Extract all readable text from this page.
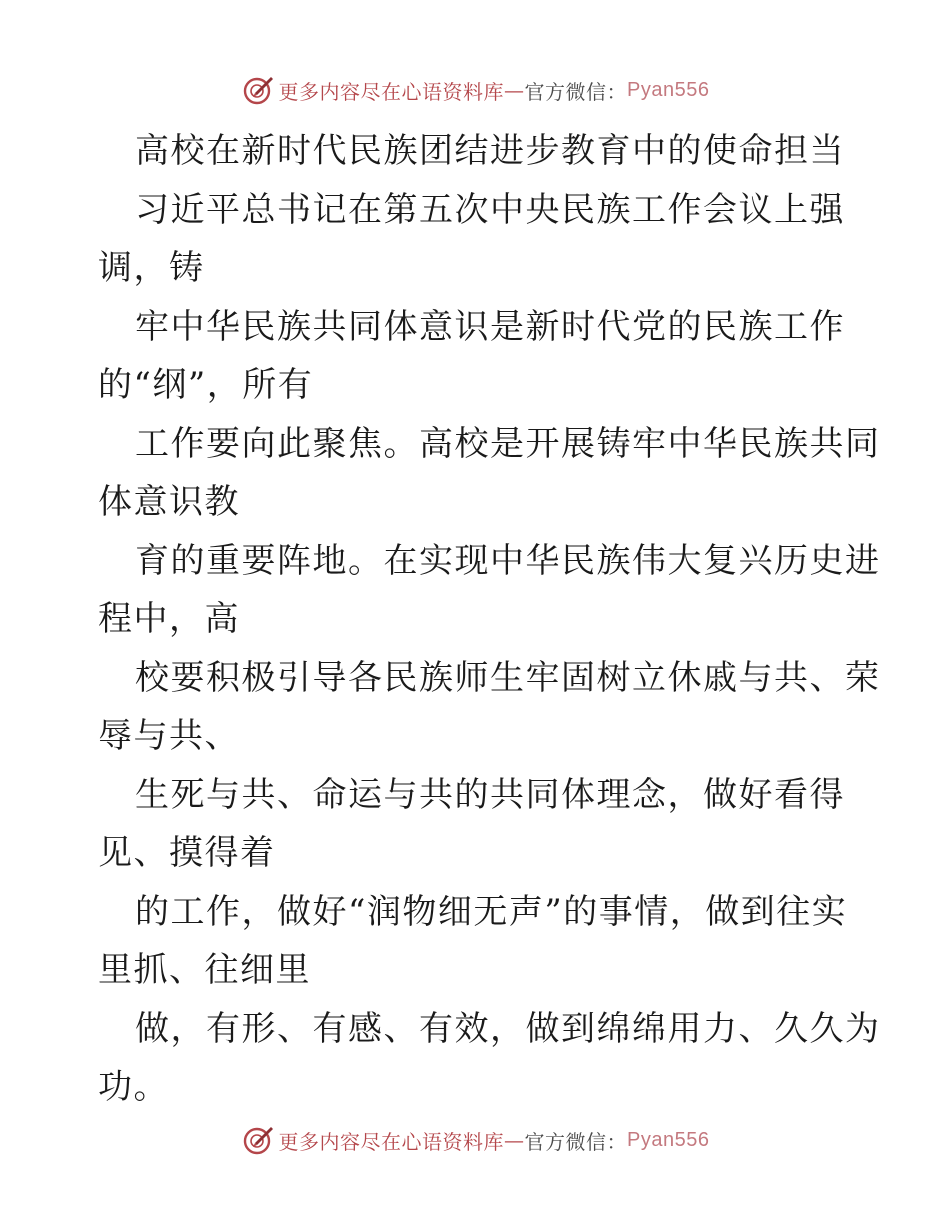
更多内容尽在心语资料库 — 官方微信： Pyan556

高校在新时代民族团结进步教育中的使命担当

习近平总书记在第五次中央民族工作会议上强

调，铸

牢中华民族共同体意识是新时代党的民族工作

的“纲”，所有

工作要向此聚焦。高校是开展铸牢中华民族共同

体意识教

育的重要阵地。在实现中华民族伟大复兴历史进

程中，高

校要积极引导各民族师生牢固树立休戚与共、荣

辱与共、

生死与共、命运与共的共同体理念，做好看得

见、摸得着

的工作，做好“润物细无声”的事情，做到往实

里抓、往细里

做，有形、有感、有效，做到绵绵用力、久久为

功。

更多内容尽在心语资料库 — 官方微信： Pyan556
